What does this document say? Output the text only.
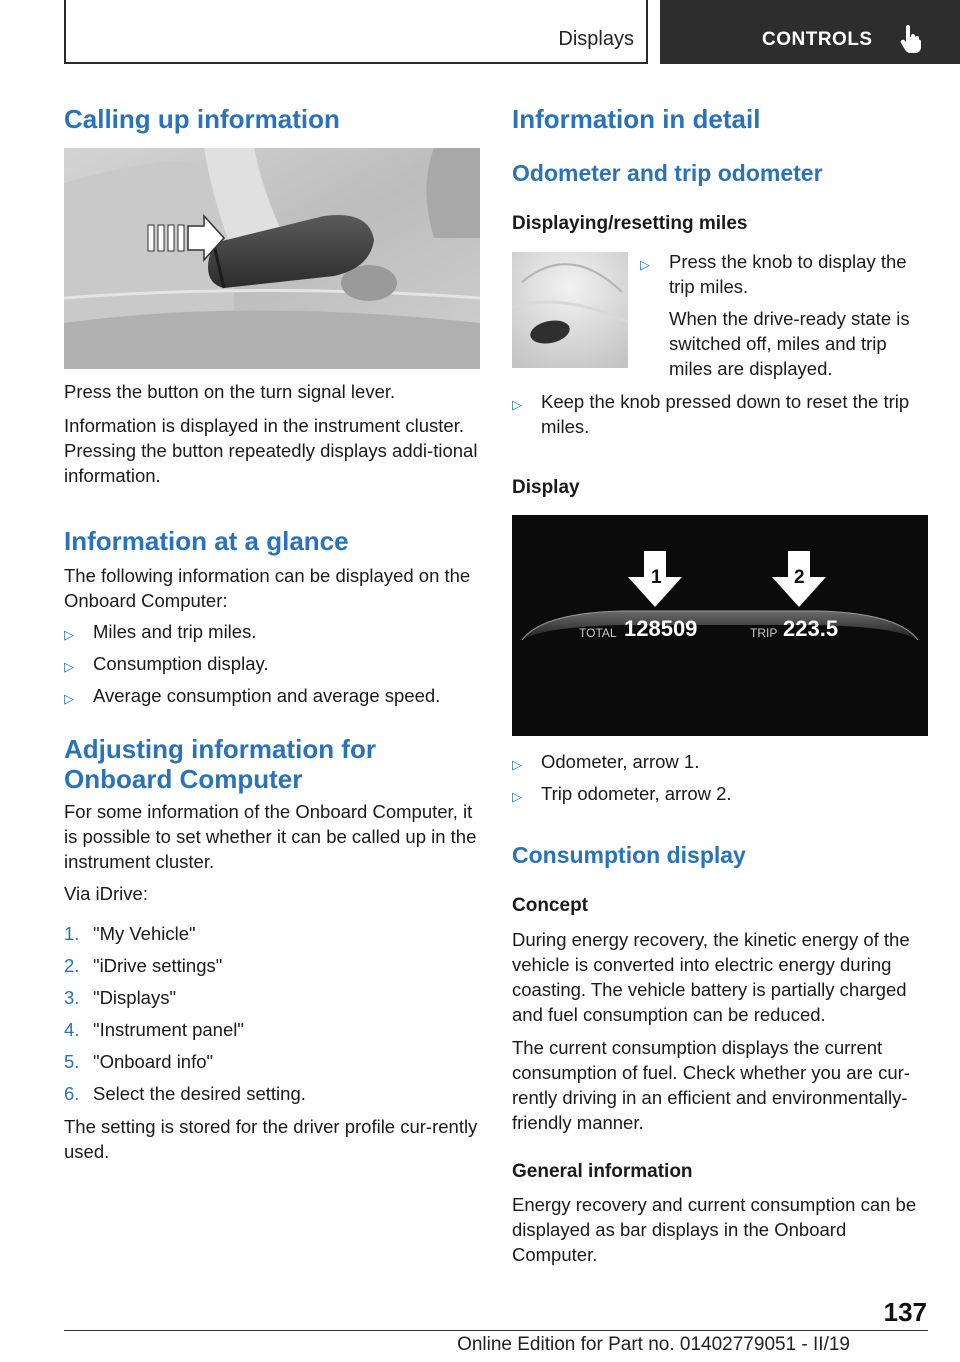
Displays	CONTROLS
Calling up information

Press the button on the turn signal lever.

Information is displayed in the instrument cluster. Pressing the button repeatedly displays addi‐tional information.

Information at a glance

The following information can be displayed on the Onboard Computer:

▷	Miles and trip miles.
▷	Consumption display.
▷	Average consumption and average speed.
Adjusting information for
Onboard Computer

For some information of the Onboard Computer, it is possible to set whether it can be called up in the instrument cluster.

Via iDrive:

1. "My Vehicle"
2. "iDrive settings"
3. "Displays"
4. "Instrument panel"
5. "Onboard info"
6. Select the desired setting.

The setting is stored for the driver profile cur‐rently used.

Information in detail
Odometer and trip odometer
Displaying/resetting miles
▷	Press the knob to display the trip miles.

When the drive-ready state is switched off, miles and trip miles are displayed.

▷	Keep the knob pressed down to reset the trip miles.
Display
1	2
TOTAL 128509	TRIP 223.5
▷	Odometer, arrow 1.
▷	Trip odometer, arrow 2.
Consumption display
Concept

During energy recovery, the kinetic energy of the vehicle is converted into electric energy during coasting. The vehicle battery is partially charged and fuel consumption can be reduced.

The current consumption displays the current consumption of fuel. Check whether you are cur‐rently driving in an efficient and environmentally-friendly manner.

General information

Energy recovery and current consumption can be displayed as bar displays in the Onboard Computer.

137
Online Edition for Part no. 01402779051 - II/19
